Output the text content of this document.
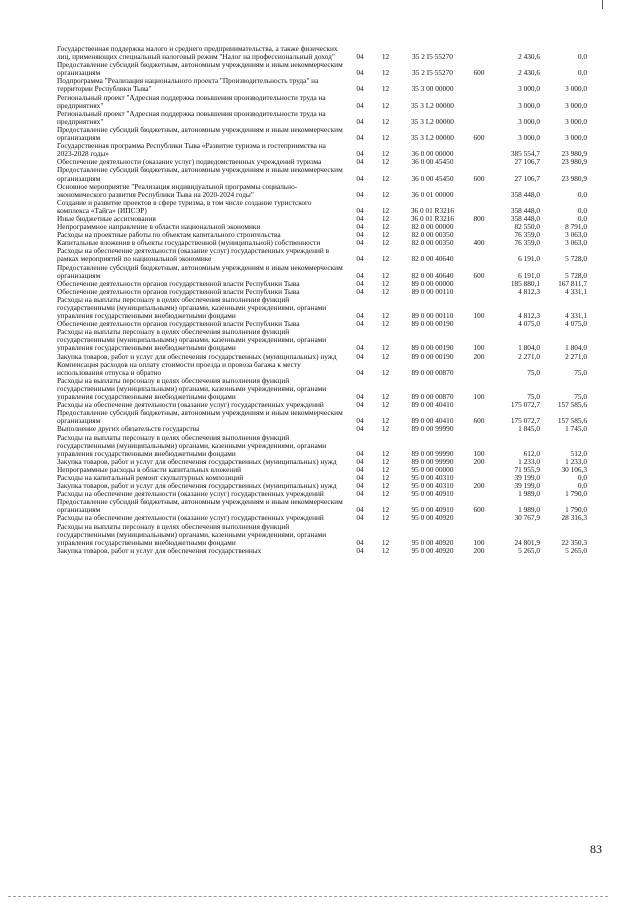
Государственная поддержка малого и среднего предпринимательства, а также физических лиц, применяющих специальный налоговый режим "Налог на профессиональный доход"	04	12	35 2 I5 55270		2 430,6	0,0
Предоставление субсидий бюджетным, автономным учреждениям и иным некоммерческим организациям	04	12	35 2 I5 55270	600	2 430,6	0,0
Подпрограмма "Реализация национального проекта "Производительность труда" на территории Республики Тыва"	04	12	35 3 00 00000		3 000,0	3 000,0
Региональный проект "Адресная поддержка повышения производительности труда на предприятиях"	04	12	35 3 L2 00000		3 000,0	3 000,0
Региональный проект "Адресная поддержка повышения производительности труда на предприятиях"	04	12	35 3 L2 00000		3 000,0	3 000,0
Предоставление субсидий бюджетным, автономным учреждениям и иным некоммерческим организациям	04	12	35 3 L2 00000	600	3 000,0	3 000,0
Государственная программа Республики Тыва «Развитие туризма и гостеприимства на 2023-2028 годы»	04	12	36 0 00 00000		385 554,7	23 980,9
Обеспечение деятельности (оказание услуг) подведомственных учреждений туризма	04	12	36 0 00 45450		27 106,7	23 980,9
Предоставление субсидий бюджетным, автономным учреждениям и иным некоммерческим организациям	04	12	36 0 00 45450	600	27 106,7	23 980,9
Основное мероприятие "Реализация индивидуальной программы социально-экономического развития Республики Тыва на 2020-2024 годы"	04	12	36 0 01 00000		358 448,0	0,0
Создание и развитие проектов в сфере туризма, в том числе создание туристского комплекса «Тайга» (ИПСЭР)	04	12	36 0 01 R3216		358 448,0	0,0
Иные бюджетные ассигнования	04	12	36 0 01 R3216	800	358 448,0	0,0
Непрограммное направление в области национальной экономики	04	12	82 0 00 00000		82 550,0	8 791,0
Расходы на проектные работы по объектам капитального строительства	04	12	82 0 00 00350		76 359,0	3 063,0
Капитальные вложения в объекты государственной (муниципальной) собственности	04	12	82 0 00 00350	400	76 359,0	3 063,0
Расходы на обеспечение деятельности (оказание услуг) государственных учреждений в рамках мероприятий по национальной экономике	04	12	82 0 00 40640		6 191,0	5 728,0
Предоставление субсидий бюджетным, автономным учреждениям и иным некоммерческим организациям	04	12	82 0 00 40640	600	6 191,0	5 728,0
Обеспечение деятельности органов государственной власти Республики Тыва	04	12	89 0 00 00000		185 880,1	167 811,7
Обеспечение деятельности органов государственной власти Республики Тыва	04	12	89 0 00 00110		4 812,3	4 331,1
Расходы на выплаты персоналу в целях обеспечения выполнения функций государственными (муниципальными) органами, казенными учреждениями, органами управления государственными внебюджетными фондами	04	12	89 0 00 00110	100	4 812,3	4 331,1
Обеспечение деятельности органов государственной власти Республики Тыва	04	12	89 0 00 00190		4 075,0	4 075,0
Расходы на выплаты персоналу в целях обеспечения выполнения функций государственными (муниципальными) органами, казенными учреждениями, органами управления государственными внебюджетными фондами	04	12	89 0 00 00190	100	1 804,0	1 804,0
Закупка товаров, работ и услуг для обеспечения государственных (муниципальных) нужд	04	12	89 0 00 00190	200	2 271,0	2 271,0
Компенсация расходов на оплату стоимости проезда и провоза багажа к месту использования отпуска и обратно	04	12	89 0 00 00870		75,0	75,0
Расходы на выплаты персоналу в целях обеспечения выполнения функций государственными (муниципальными) органами, казенными учреждениями, органами управления государственными внебюджетными фондами	04	12	89 0 00 00870	100	75,0	75,0
Расходы на обеспечение деятельности (оказание услуг) государственных учреждений	04	12	89 0 00 40410		175 072,7	157 585,6
Предоставление субсидий бюджетным, автономным учреждениям и иным некоммерческим организациям	04	12	89 0 00 40410	600	175 072,7	157 585,6
Выполнение других обязательств государства	04	12	89 0 00 99990		1 845,0	1 745,0
Расходы на выплаты персоналу в целях обеспечения выполнения функций государственными (муниципальными) органами, казенными учреждениями, органами управления государственными внебюджетными фондами	04	12	89 0 00 99990	100	612,0	512,0
Закупка товаров, работ и услуг для обеспечения государственных (муниципальных) нужд	04	12	89 0 00 99990	200	1 233,0	1 233,0
Непрограммные расходы в области капитальных вложений	04	12	95 0 00 00000		71 955,9	30 106,3
Расходы на капитальный ремонт скульптурных композиций	04	12	95 0 00 40310		39 199,0	0,0
Закупка товаров, работ и услуг для обеспечения государственных (муниципальных) нужд	04	12	95 0 00 40310	200	39 199,0	0,0
Расходы на обеспечение деятельности (оказание услуг) государственных учреждений	04	12	95 0 00 40910		1 989,0	1 790,0
Предоставление субсидий бюджетным, автономным учреждениям и иным некоммерческим организациям	04	12	95 0 00 40910	600	1 989,0	1 790,0
Расходы на обеспечение деятельности (оказание услуг) государственных учреждений	04	12	95 0 00 40920		30 767,9	28 316,3
Расходы на выплаты персоналу в целях обеспечения выполнения функций государственными (муниципальными) органами, казенными учреждениями, органами управления государственными внебюджетными фондами	04	12	95 0 00 40920	100	24 801,9	22 350,3
Закупка товаров, работ и услуг для обеспечения государственных	04	12	95 0 00 40920	200	5 265,0	5 265,0
83
